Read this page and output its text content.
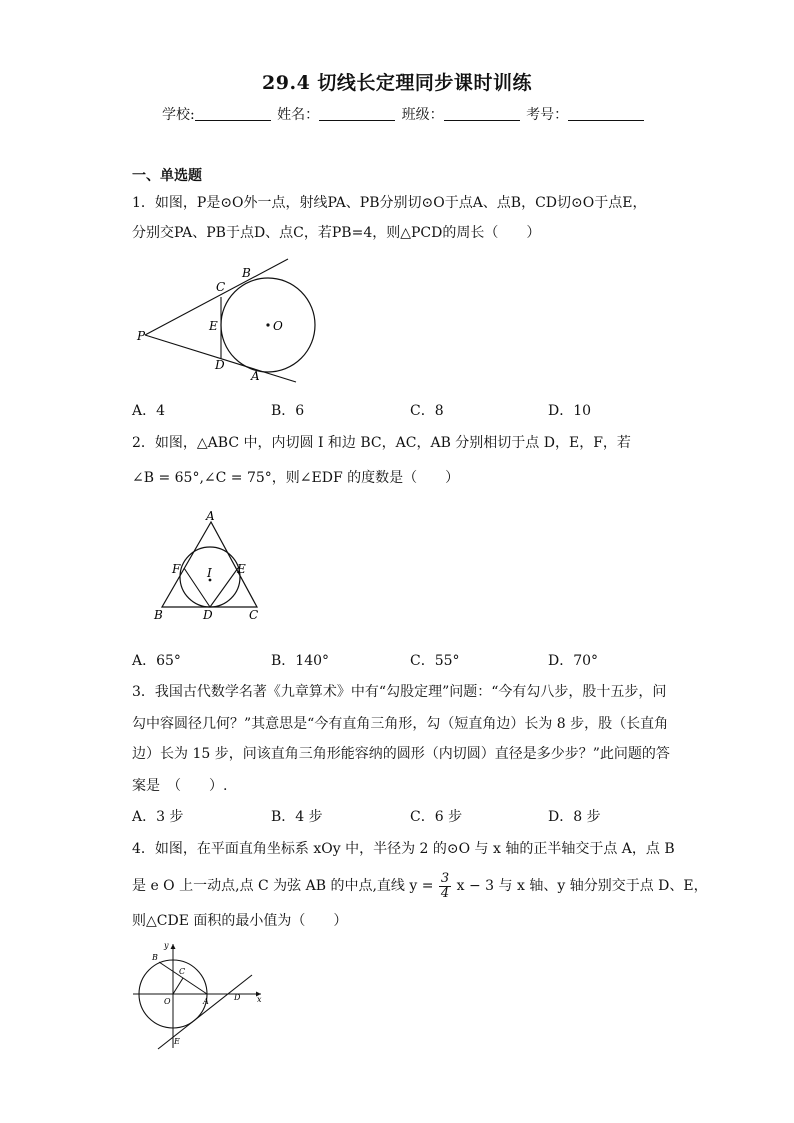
29.4 切线长定理同步课时训练
学校:	姓名：	班级：	考号：
一、单选题
1．如图，P是⊙O外一点，射线PA、PB分别切⊙O于点A、点B，CD切⊙O于点E，
分别交PA、PB于点D、点C，若PB=4，则△PCD的周长（　　）
P
B
C
E	O
D
A
A．4	B．6	C．8	D．10
2．如图，△ABC 中，内切圆 I 和边 BC，AC，AB 分别相切于点 D，E，F，若
∠B = 65°,∠C = 75°，则∠EDF 的度数是（　　）
A
F	E
I
B	D	C
A．65°	B．140°	C．55°	D．70°
3．我国古代数学名著《九章算术》中有“勾股定理”问题：“今有勾八步，股十五步，问
勾中容圆径几何？”其意思是“今有直角三角形，勾（短直角边）长为 8 步，股（长直角
边）长为 15 步，问该直角三角形能容纳的圆形（内切圆）直径是多少步？”此问题的答
案是　（　　）.
A．3 步	B．4 步	C．6 步	D．8 步
4．如图，在平面直角坐标系 xOy 中，半径为 2 的⊙O 与 x 轴的正半轴交于点 A，点 B
是 e O 上一动点,点 C 为弦 AB 的中点,直线 $y = \frac{3}{4}$ x − 3 与 x 轴、y 轴分别交于点 D、E，
则△CDE 面积的最小值为（　　）
y
B
C
O	A	D x
E
